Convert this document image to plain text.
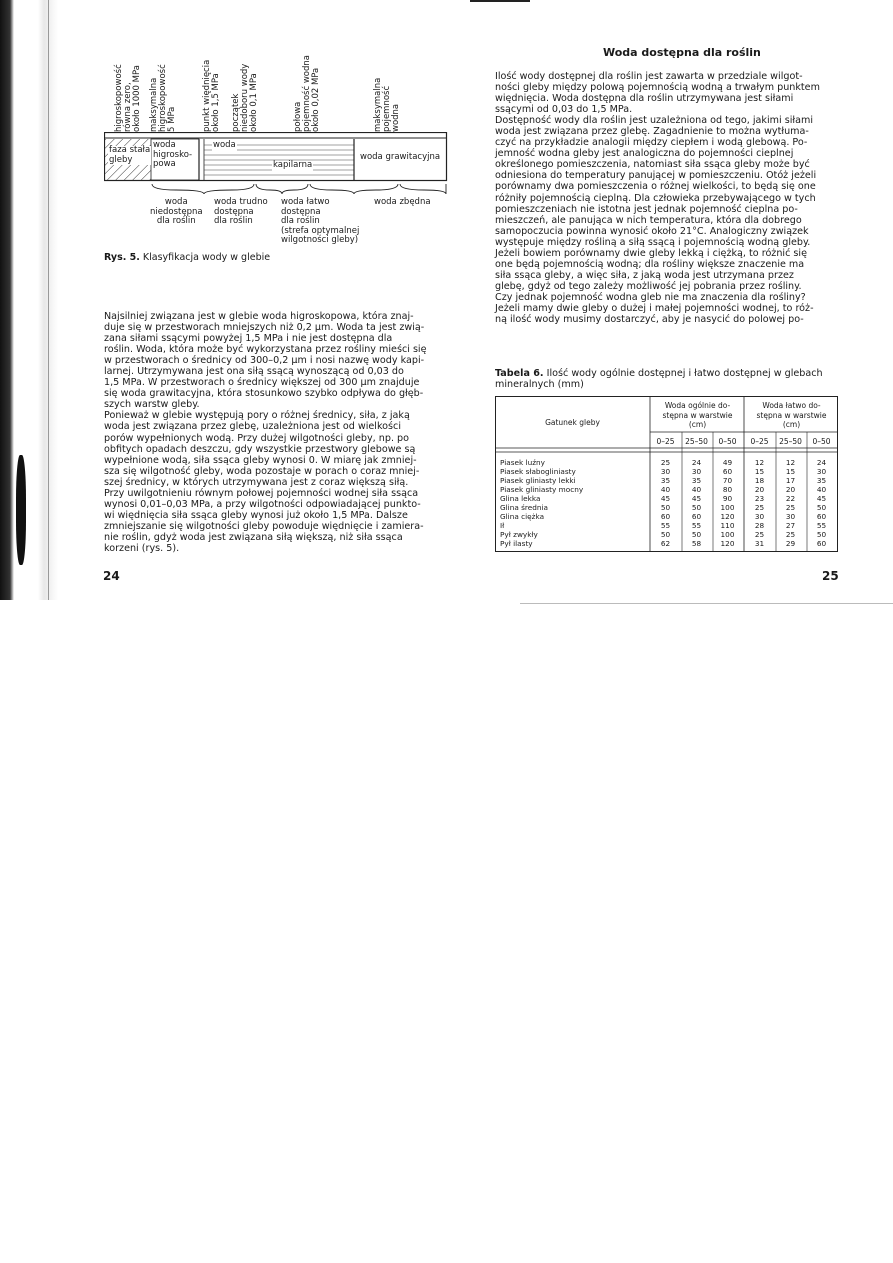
higroskopowość równa zero, około 1000 MPa maksymalna higroskopowość 5 MPa	punkt więdnięcia około 1,5 MPa początek niedoboru wody około 0,1 MPa	połowa pojemność wodna około 0,02 MPa	maksymalna pojemność wodna
faza stała
gleby
woda
higrosko-
powa
woda
kapilarna
woda grawitacyjna
woda
niedostępna
dla roślin
woda trudno
dostępna
dla roślin
woda łatwo
dostępna
dla roślin
(strefa optymalnej
wilgotności gleby)
woda zbędna
Rys. 5. Klasyfikacja wody w glebie
Najsilniej związana jest w glebie woda higroskopowa, która znaj-
duje się w przestworach mniejszych niż 0,2 µm. Woda ta jest zwią-
zana siłami ssącymi powyżej 1,5 MPa i nie jest dostępna dla
roślin. Woda, która może być wykorzystana przez rośliny mieści się
w przestworach o średnicy od 300–0,2 µm i nosi nazwę wody kapi-
larnej. Utrzymywana jest ona siłą ssącą wynoszącą od 0,03 do
1,5 MPa. W przestworach o średnicy większej od 300 µm znajduje
się woda grawitacyjna, która stosunkowo szybko odpływa do głęb-
szych warstw gleby.
Ponieważ w glebie występują pory o różnej średnicy, siła, z jaką
woda jest związana przez glebę, uzależniona jest od wielkości
porów wypełnionych wodą. Przy dużej wilgotności gleby, np. po
obfitych opadach deszczu, gdy wszystkie przestwory glebowe są
wypełnione wodą, siła ssąca gleby wynosi 0. W miarę jak zmniej-
sza się wilgotność gleby, woda pozostaje w porach o coraz mniej-
szej średnicy, w których utrzymywana jest z coraz większą siłą.
Przy uwilgotnieniu równym połowej pojemności wodnej siła ssąca
wynosi 0,01–0,03 MPa, a przy wilgotności odpowiadającej punkto-
wi więdnięcia siła ssąca gleby wynosi już około 1,5 MPa. Dalsze
zmniejszanie się wilgotności gleby powoduje więdnięcie i zamiera-
nie roślin, gdyż woda jest związana siłą większą, niż siła ssąca
korzeni (rys. 5).
24
Woda dostępna dla roślin
Ilość wody dostępnej dla roślin jest zawarta w przedziale wilgot-
ności gleby między polową pojemnością wodną a trwałym punktem
więdnięcia. Woda dostępna dla roślin utrzymywana jest siłami
ssącymi od 0,03 do 1,5 MPa.
Dostępność wody dla roślin jest uzależniona od tego, jakimi siłami
woda jest związana przez glebę. Zagadnienie to można wytłuma-
czyć na przykładzie analogii między ciepłem i wodą glebową. Po-
jemność wodna gleby jest analogiczna do pojemności cieplnej
określonego pomieszczenia, natomiast siła ssąca gleby może być
odniesiona do temperatury panującej w pomieszczeniu. Otóż jeżeli
porównamy dwa pomieszczenia o różnej wielkości, to będą się one
różniły pojemnością cieplną. Dla człowieka przebywającego w tych
pomieszczeniach nie istotna jest jednak pojemność cieplna po-
mieszczeń, ale panująca w nich temperatura, która dla dobrego
samopoczucia powinna wynosić około 21°C. Analogiczny związek
występuje między rośliną a siłą ssącą i pojemnością wodną gleby.
Jeżeli bowiem porównamy dwie gleby lekką i ciężką, to różnić się
one będą pojemnością wodną; dla rośliny większe znaczenie ma
siła ssąca gleby, a więc siła, z jaką woda jest utrzymana przez
glebę, gdyż od tego zależy możliwość jej pobrania przez rośliny.
Czy jednak pojemność wodna gleb nie ma znaczenia dla rośliny?
Jeżeli mamy dwie gleby o dużej i małej pojemności wodnej, to róż-
ną ilość wody musimy dostarczyć, aby je nasycić do polowej po-
Tabela 6. Ilość wody ogólnie dostępnej i łatwo dostępnej w glebach
mineralnych (mm)
Gatunek gleby
Woda ogólnie do-
stępna w warstwie
(cm)
Woda łatwo do-
stępna w warstwie
(cm)
0–25	25–50	0–50	0–25	25–50	0–50
Piasek luźny	25	24	49	12	12	24
Piasek słabogliniasty	30	30	60	15	15	30
Piasek gliniasty lekki	35	35	70	18	17	35
Piasek gliniasty mocny	40	40	80	20	20	40
Glina lekka	45	45	90	23	22	45
Glina średnia	50	50	100	25	25	50
Glina ciężka	60	60	120	30	30	60
Ił	55	55	110	28	27	55
Pył zwykły	50	50	100	25	25	50
Pył ilasty	62	58	120	31	29	60
25
